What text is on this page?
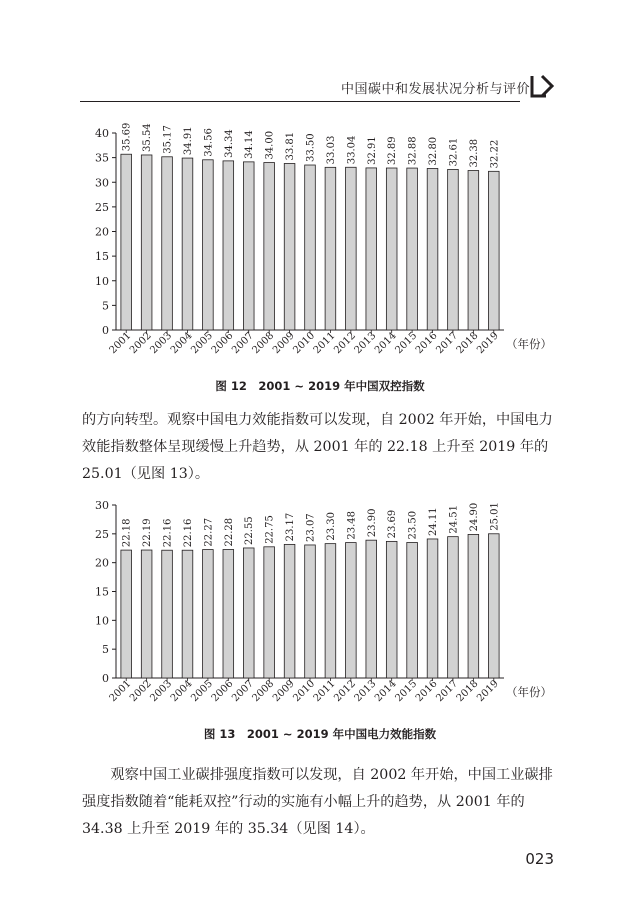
中国碳中和发展状况分析与评价
0
5
10
15
20
25
30
35
40 35.69
2001
35.54
2002
35.17
2003
34.91
2004
34.56
2005
34.34
2006
34.14
2007
34.00
2008
33.81
2009
33.50
2010
33.03
2011
33.04
2012
32.91
2013
32.89
2014
32.88
2015
32.80
2016
32.61
2017
32.38
2018
32.22
2019 （年份）
图 12　2001 ~ 2019 年中国双控指数

的方向转型。观察中国电力效能指数可以发现，自 2002 年开始，中国电力

效能指数整体呈现缓慢上升趋势，从 2001 年的 22.18 上升至 2019 年的

25.01（见图 13）。

0
5
10
15
20
25
30
22.18
2001
22.19
2002
22.16
2003
22.16
2004
22.27
2005
22.28
2006
22.55
2007
22.75
2008
23.17
2009
23.07
2010
23.30
2011
23.48
2012
23.90
2013
23.69
2014
23.50
2015
24.11
2016
24.51
2017
24.90
2018
25.01
2019 （年份）
图 13　2001 ~ 2019 年中国电力效能指数

　　观察中国工业碳排强度指数可以发现，自 2002 年开始，中国工业碳排

强度指数随着“能耗双控”行动的实施有小幅上升的趋势，从 2001 年的

34.38 上升至 2019 年的 35.34（见图 14）。

023
